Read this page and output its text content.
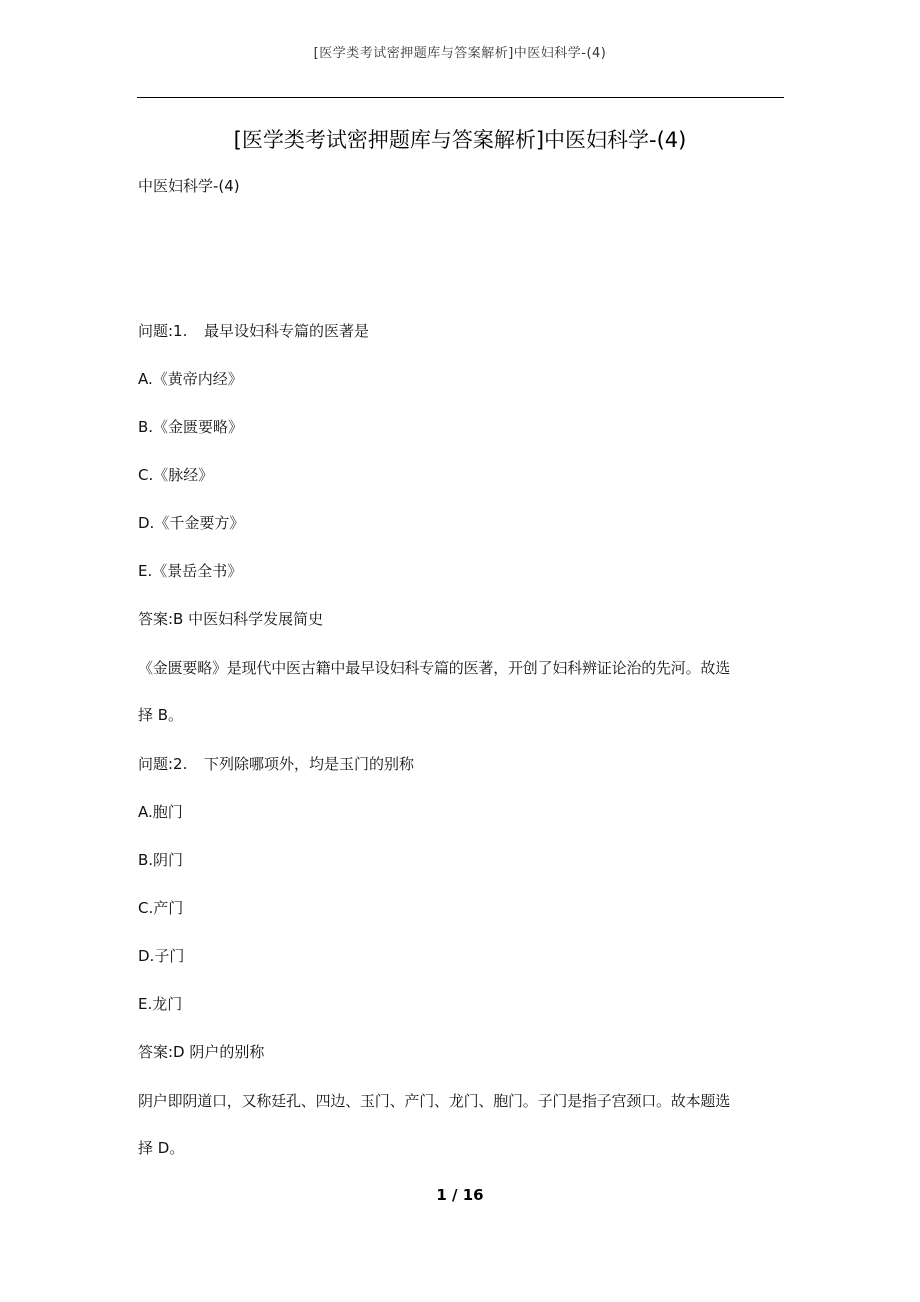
[医学类考试密押题库与答案解析]中医妇科学-(4)
[医学类考试密押题库与答案解析]中医妇科学-(4)
中医妇科学-(4)
问题:1. 最早设妇科专篇的医著是
A.《黄帝内经》
B.《金匮要略》
C.《脉经》
D.《千金要方》
E.《景岳全书》
答案:B 中医妇科学发展简史
《金匮要略》是现代中医古籍中最早设妇科专篇的医著，开创了妇科辨证论治的先河。故选
择 B。
问题:2. 下列除哪项外，均是玉门的别称
A.胞门
B.阴门
C.产门
D.子门
E.龙门
答案:D 阴户的别称
阴户即阴道口，又称廷孔、四边、玉门、产门、龙门、胞门。子门是指子宫颈口。故本题选
择 D。
1 / 16
